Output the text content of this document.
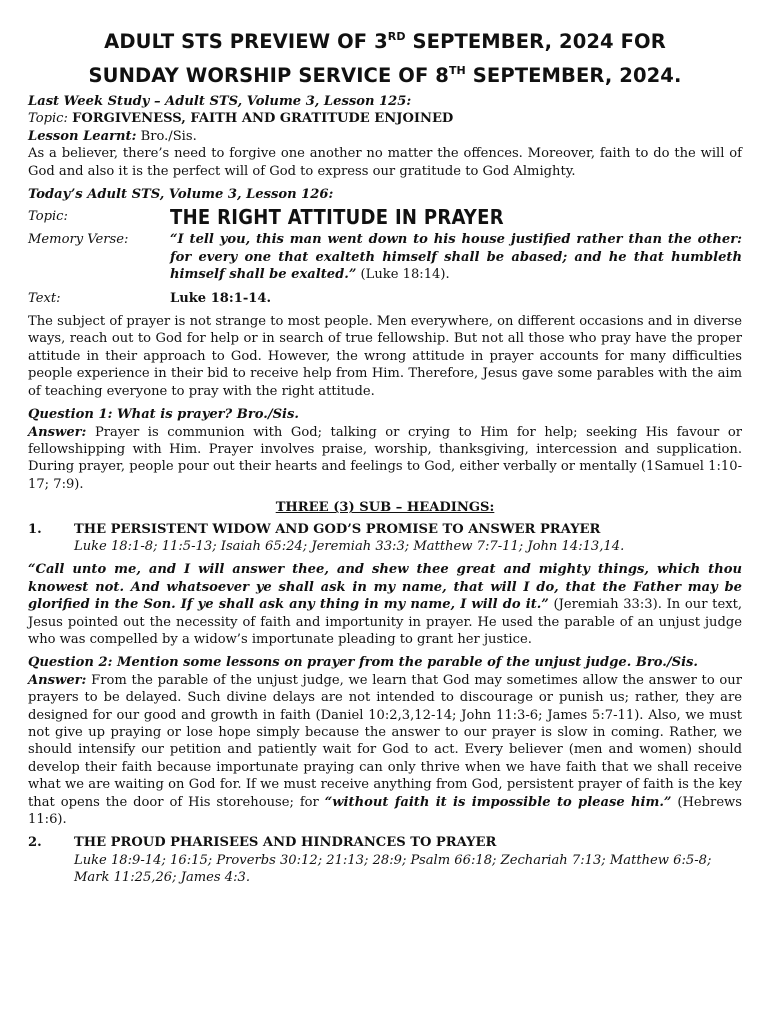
ADULT STS PREVIEW OF 3RD SEPTEMBER, 2024 FOR
SUNDAY WORSHIP SERVICE OF 8TH SEPTEMBER, 2024.

Last Week Study – Adult STS, Volume 3, Lesson 125:

Topic: FORGIVENESS, FAITH AND GRATITUDE ENJOINED

Lesson Learnt: Bro./Sis.

As a believer, there’s need to forgive one another no matter the offences. Moreover, faith to do the will of God and also it is the perfect will of God to express our gratitude to God Almighty.

Today’s Adult STS, Volume 3, Lesson 126:

Topic:	THE RIGHT ATTITUDE IN PRAYER
Memory Verse:	“I tell you, this man went down to his house justified rather than the other: for every one that exalteth himself shall be abased; and he that humbleth himself shall be exalted.” (Luke 18:14).
Text:	Luke 18:1-14.

The subject of prayer is not strange to most people. Men everywhere, on different occasions and in diverse ways, reach out to God for help or in search of true fellowship. But not all those who pray have the proper attitude in their approach to God. However, the wrong attitude in prayer accounts for many difficulties people experience in their bid to receive help from Him. Therefore, Jesus gave some parables with the aim of teaching everyone to pray with the right attitude.

Question 1: What is prayer? Bro./Sis.

Answer: Prayer is communion with God; talking or crying to Him for help; seeking His favour or fellowshipping with Him. Prayer involves praise, worship, thanksgiving, intercession and supplication. During prayer, people pour out their hearts and feelings to God, either verbally or mentally (1Samuel 1:10-17; 7:9).

THREE (3) SUB – HEADINGS:

1.	THE PERSISTENT WIDOW AND GOD’S PROMISE TO ANSWER PRAYER

Luke 18:1-8; 11:5-13; Isaiah 65:24; Jeremiah 33:3; Matthew 7:7-11; John 14:13,14.

“Call unto me, and I will answer thee, and shew thee great and mighty things, which thou knowest not. And whatsoever ye shall ask in my name, that will I do, that the Father may be glorified in the Son. If ye shall ask any thing in my name, I will do it.” (Jeremiah 33:3). In our text, Jesus pointed out the necessity of faith and importunity in prayer. He used the parable of an unjust judge who was compelled by a widow’s importunate pleading to grant her justice.

Question 2: Mention some lessons on prayer from the parable of the unjust judge. Bro./Sis.

Answer: From the parable of the unjust judge, we learn that God may sometimes allow the answer to our prayers to be delayed. Such divine delays are not intended to discourage or punish us; rather, they are designed for our good and growth in faith (Daniel 10:2,3,12-14; John 11:3-6; James 5:7-11). Also, we must not give up praying or lose hope simply because the answer to our prayer is slow in coming. Rather, we should intensify our petition and patiently wait for God to act. Every believer (men and women) should develop their faith because importunate praying can only thrive when we have faith that we shall receive what we are waiting on God for. If we must receive anything from God, persistent prayer of faith is the key that opens the door of His storehouse; for “without faith it is impossible to please him.” (Hebrews 11:6).

2.	THE PROUD PHARISEES AND HINDRANCES TO PRAYER

Luke 18:9-14; 16:15; Proverbs 30:12; 21:13; 28:9; Psalm 66:18; Zechariah 7:13; Matthew 6:5-8; Mark 11:25,26; James 4:3.
